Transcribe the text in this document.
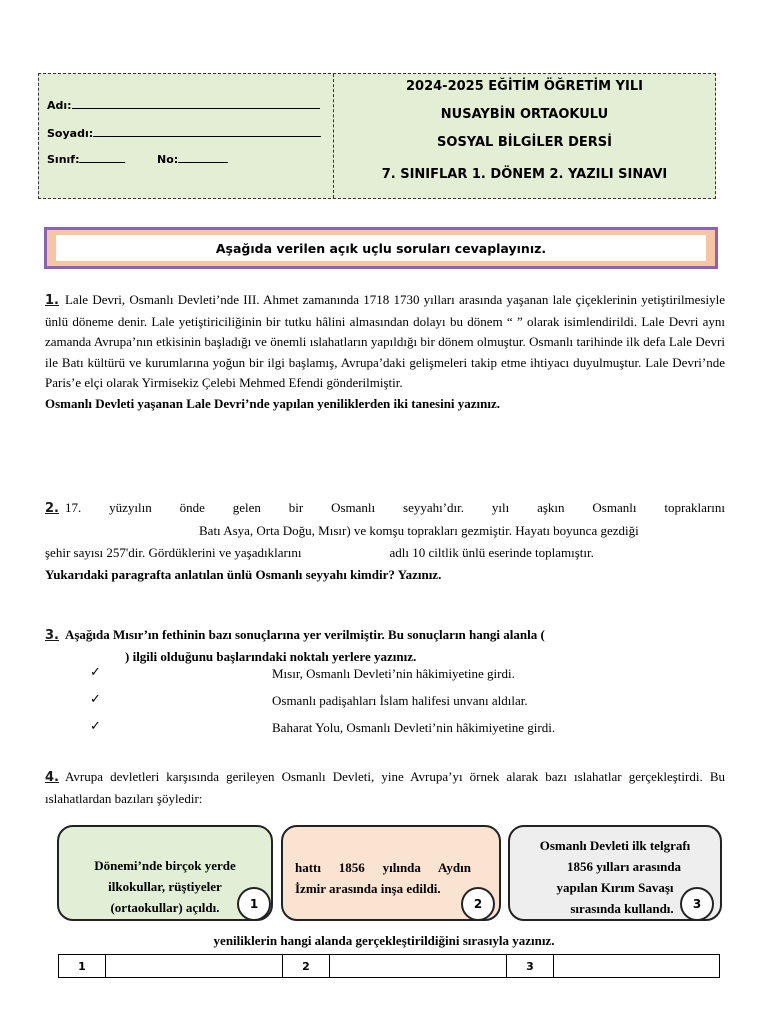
Adı:
Soyadı:
Sınıf:	No:
2024-2025 EĞİTİM ÖĞRETİM YILI
NUSAYBİN ORTAOKULU
SOSYAL BİLGİLER DERSİ
7. SINIFLAR 1. DÖNEM 2. YAZILI SINAVI
Aşağıda verilen açık uçlu soruları cevaplayınız.
1. Lale Devri, Osmanlı Devleti’nde III. Ahmet zamanında 1718 1730 yılları arasında yaşanan lale çiçeklerinin yetiştirilmesiyle ünlü döneme denir. Lale yetiştiriciliğinin bir tutku hâlini almasından dolayı bu dönem “ ” olarak isimlendirildi. Lale Devri aynı zamanda Avrupa’nın etkisinin başladığı ve önemli ıslahatların yapıldığı bir dönem olmuştur. Osmanlı tarihinde ilk defa Lale Devri ile Batı kültürü ve kurumlarına yoğun bir ilgi başlamış, Avrupa’daki gelişmeleri takip etme ihtiyacı duyulmuştur. Lale Devri’nde Paris’e elçi olarak Yirmisekiz Çelebi Mehmed Efendi gönderilmiştir.
Osmanlı Devleti yaşanan Lale Devri’nde yapılan yeniliklerden iki tanesini yazınız.
2. 17. yüzyılın önde gelen bir Osmanlı seyyahı’dır. yılı aşkın Osmanlı topraklarını
Batı Asya, Orta Doğu, Mısır) ve komşu toprakları gezmiştir. Hayatı boyunca gezdiği
şehir sayısı 257'dir. Gördüklerini ve yaşadıklarını	adlı 10 ciltlik ünlü eserinde toplamıştır.
Yukarıdaki paragrafta anlatılan ünlü Osmanlı seyyahı kimdir? Yazınız.
3. Aşağıda Mısır’ın fethinin bazı sonuçlarına yer verilmiştir. Bu sonuçların hangi alanla (
) ilgili olduğunu başlarındaki noktalı yerlere yazınız.
✓	Mısır, Osmanlı Devleti’nin hâkimiyetine girdi.
✓	Osmanlı padişahları İslam halifesi unvanı aldılar.
✓	Baharat Yolu, Osmanlı Devleti’nin hâkimiyetine girdi.
4. Avrupa devletleri karşısında gerileyen Osmanlı Devleti, yine Avrupa’yı örnek alarak bazı ıslahatlar gerçekleştirdi. Bu ıslahatlardan bazıları şöyledir:
Dönemi’nde birçok yerde
ilkokullar, rüştiyeler
(ortaokullar) açıldı.	1
hattı 1856 yılında Aydın
İzmir arasında inşa edildi.
2
Osmanlı Devleti ilk telgrafı
1856 yılları arasında
yapılan Kırım Savaşı
sırasında kullandı.	3
yeniliklerin hangi alanda gerçekleştirildiğini sırasıyla yazınız.
1		2		3	
